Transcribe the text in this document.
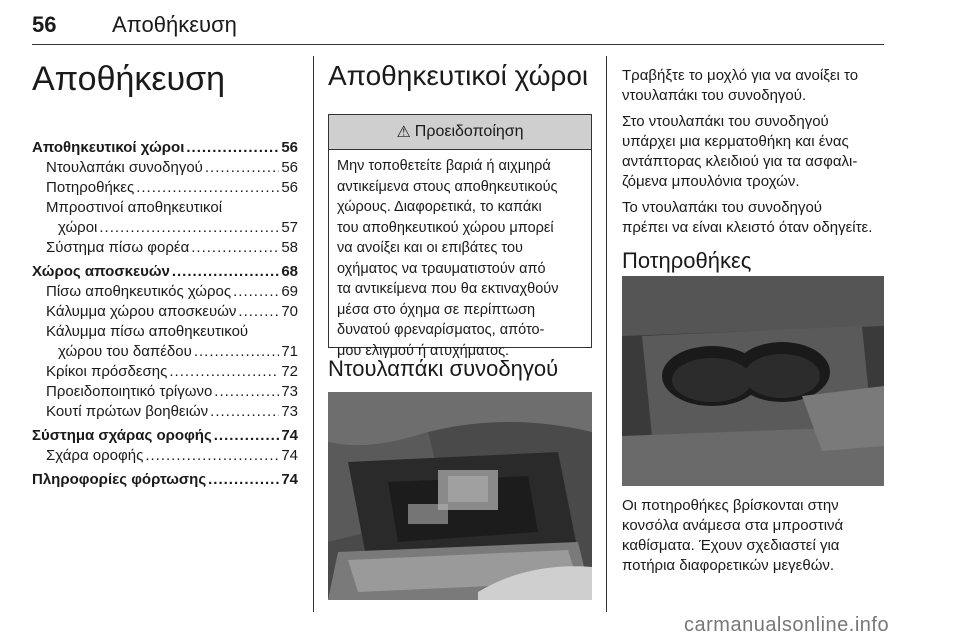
56	Αποθήκευση
Αποθήκευση
Αποθηκευτικοί χώροι .....	56
Ντουλαπάκι συνοδηγού .....	56
Ποτηροθήκες .....	56
Μπροστινοί αποθηκευτικοί
χώροι .....	57
Σύστημα πίσω φορέα .....	58
Χώρος αποσκευών .....	68
Πίσω αποθηκευτικός χώρος .....	69
Κάλυμμα χώρου αποσκευών .....	70
Κάλυμμα πίσω αποθηκευτικού
χώρου του δαπέδου .....	71
Κρίκοι πρόσδεσης .....	72
Προειδοποιητικό τρίγωνο .....	73
Κουτί πρώτων βοηθειών .....	73
Σύστημα σχάρας οροφής .....	74
Σχάρα οροφής .....	74
Πληροφορίες φόρτωσης .....	74
Αποθηκευτικοί χώροι
⚠ Προειδοποίηση
Μην τοποθετείτε βαριά ή αιχμηρά
αντικείμενα στους αποθηκευτικούς
χώρους. Διαφορετικά, το καπάκι
του αποθηκευτικού χώρου μπορεί
να ανοίξει και οι επιβάτες του
οχήματος να τραυματιστούν από
τα αντικείμενα που θα εκτιναχθούν
μέσα στο όχημα σε περίπτωση
δυνατού φρεναρίσματος, απότο-
μου ελιγμού ή ατυχήματος.
Ντουλαπάκι συνοδηγού

Τραβήξτε το μοχλό για να ανοίξει το
ντουλαπάκι του συνοδηγού.

Στο ντουλαπάκι του συνοδηγού
υπάρχει μια κερματοθήκη και ένας
αντάπτορας κλειδιού για τα ασφαλι-
ζόμενα μπουλόνια τροχών.

Το ντουλαπάκι του συνοδηγού
πρέπει να είναι κλειστό όταν οδηγείτε.

Ποτηροθήκες
Οι ποτηροθήκες βρίσκονται στην
κονσόλα ανάμεσα στα μπροστινά
καθίσματα. Έχουν σχεδιαστεί για
ποτήρια διαφορετικών μεγεθών.
carmanualsonline.info
